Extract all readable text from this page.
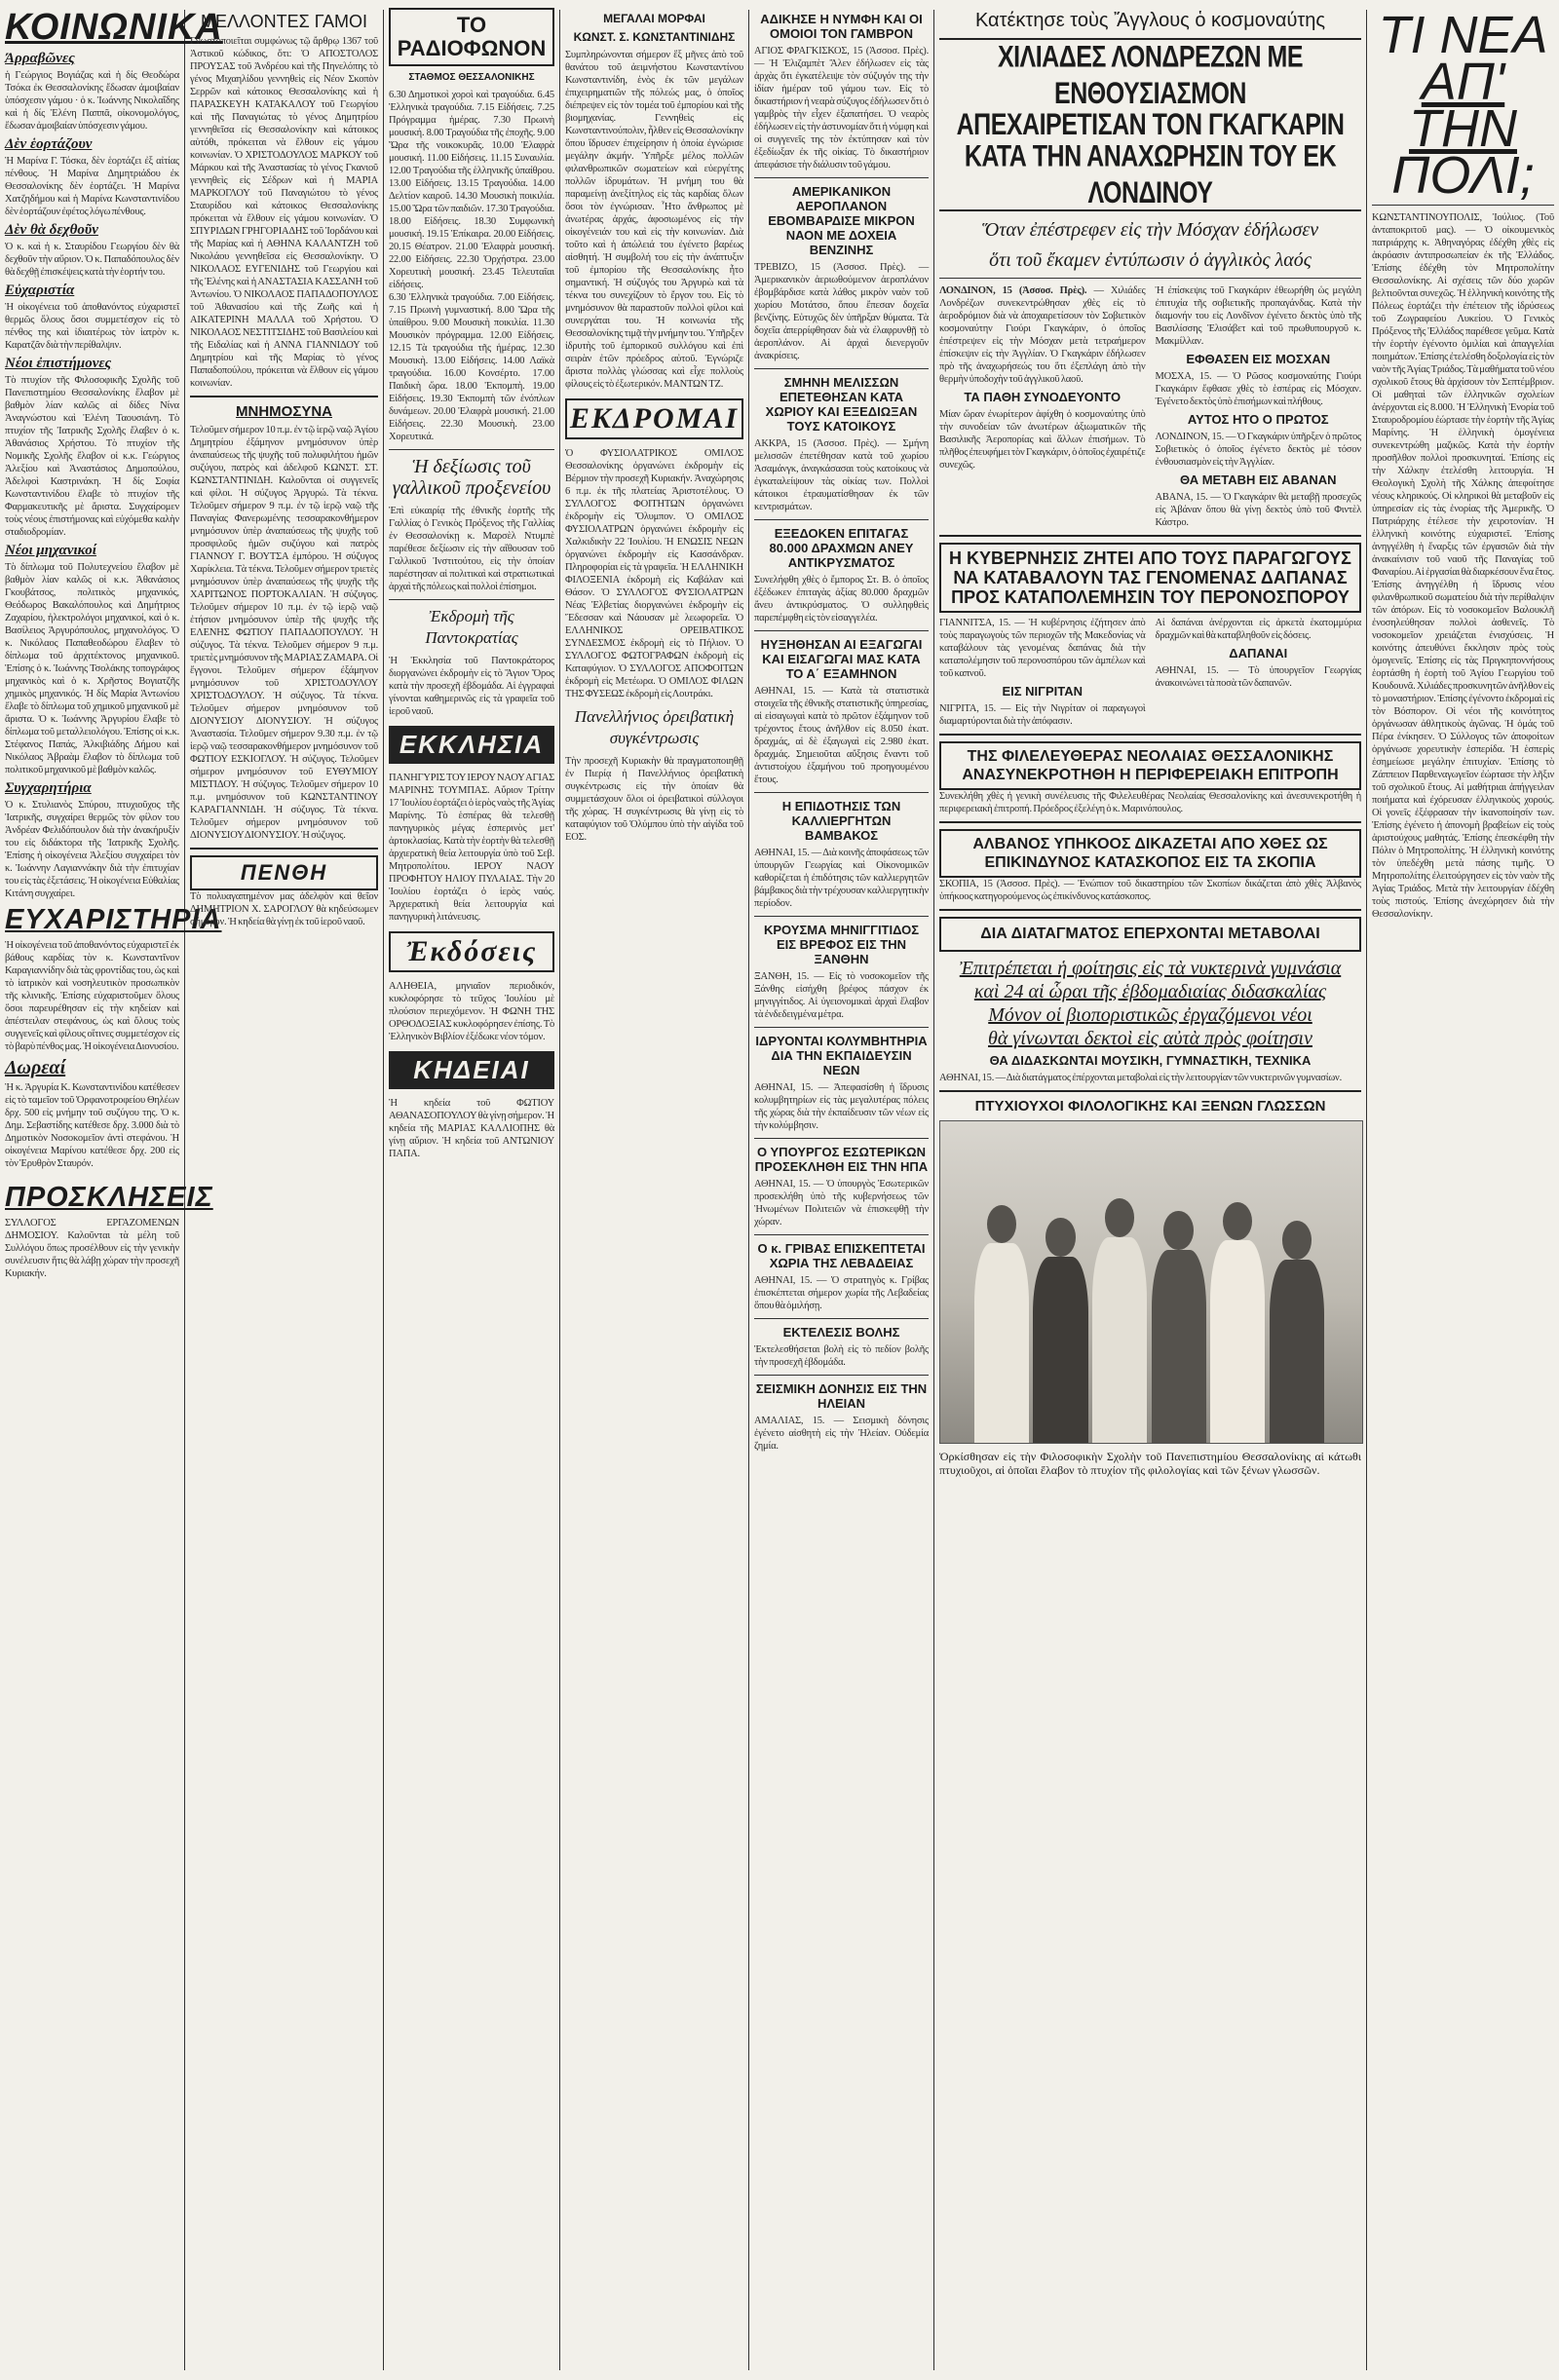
ΚΟΙΝΩΝΙΚΑ
Άρραβῶνες
ἡ Γεώργιος Βογιάζας καὶ ἡ δίς Θεοδώρα Τσόκα ἐκ Θεσσαλονίκης ἔδωσαν ἀμοιβαίαν ὑπόσχεσιν γάμου · ὁ κ. Ἰωάννης Νικολαΐδης καὶ ἡ δίς Ἑλένη Παππᾶ, οἰκονομολόγος, ἔδωσαν ἀμοιβαίαν ὑπόσχεσιν γάμου.
Δὲν ἑορτάζουν
Ἡ Μαρίνα Γ. Τόσκα, δὲν ἑορτάζει ἐξ αἰτίας πένθους. Ἡ Μαρίνα Δημητριάδου ἐκ Θεσσαλονίκης δὲν ἑορτάζει. Ἡ Μαρίνα Χατζηδήμου καὶ ἡ Μαρίνα Κωνσταντινίδου δὲν ἑορτάζουν ἐφέτος λόγω πένθους.
Δὲν θὰ δεχθοῦν
Ὁ κ. καὶ ἡ κ. Σταυρίδου Γεωργίου δὲν θὰ δεχθοῦν τὴν αὔριον. Ὁ κ. Παπαδόπουλος δὲν θὰ δεχθῇ ἐπισκέψεις κατὰ τὴν ἑορτήν του.
Εὐχαριστία
Ἡ οἰκογένεια τοῦ ἀποθανόντος εὐχαριστεῖ θερμῶς ὅλους ὅσοι συμμετέσχον εἰς τὸ πένθος της καὶ ἰδιαιτέρως τὸν ἰατρὸν κ. Καρατζᾶν διὰ τὴν περίθαλψιν.
Νέοι ἐπιστήμονες
Τὸ πτυχίον τῆς Φιλοσοφικῆς Σχολῆς τοῦ Πανεπιστημίου Θεσσαλονίκης ἔλαβον μὲ βαθμὸν λίαν καλῶς αἱ δίδες Νίνα Ἀναγνώστου καὶ Ἑλένη Ταουσιάνη. Τὸ πτυχίον τῆς Ἰατρικῆς Σχολῆς ἔλαβεν ὁ κ. Ἀθανάσιος Χρήστου. Τὸ πτυχίον τῆς Νομικῆς Σχολῆς ἔλαβον οἱ κ.κ. Γεώργιος Ἀλεξίου καὶ Ἀναστάσιος Δημοπούλου, Ἀδελφοὶ Καστρινάκη. Ἡ δίς Σοφία Κωνσταντινίδου ἔλαβε τὸ πτυχίον τῆς Φαρμακευτικῆς μὲ ἄριστα. Συγχαίρομεν τοὺς νέους ἐπιστήμονας καὶ εὐχόμεθα καλὴν σταδιοδρομίαν.
Νέοι μηχανικοί
Τὸ δίπλωμα τοῦ Πολυτεχνείου ἔλαβον μὲ βαθμὸν λίαν καλῶς οἱ κ.κ. Ἀθανάσιος Γκουβάτσος, πολιτικὸς μηχανικός, Θεόδωρος Βακαλόπουλος καὶ Δημήτριος Ζαχαρίου, ἠλεκτρολόγοι μηχανικοί, καὶ ὁ κ. Βασίλειος Ἀργυρόπουλος, μηχανολόγος. Ὁ κ. Νικόλαος Παπαθεοδώρου ἔλαβεν τὸ δίπλωμα τοῦ ἀρχιτέκτονος μηχανικοῦ. Ἐπίσης ὁ κ. Ἰωάννης Τσολάκης τοπογράφος μηχανικὸς καὶ ὁ κ. Χρῆστος Βογιατζῆς χημικὸς μηχανικός. Ἡ δίς Μαρία Ἀντωνίου ἔλαβε τὸ δίπλωμα τοῦ χημικοῦ μηχανικοῦ μὲ ἄριστα. Ὁ κ. Ἰωάννης Ἀργυρίου ἔλαβε τὸ δίπλωμα τοῦ μεταλλειολόγου. Ἐπίσης οἱ κ.κ. Στέφανος Παπάς, Ἀλκιβιάδης Δήμου καὶ Νικόλαος Ἀβραὰμ ἔλαβον τὸ δίπλωμα τοῦ πολιτικοῦ μηχανικοῦ μὲ βαθμὸν καλῶς.
Συγχαρητήρια
Ὁ κ. Στυλιανὸς Σπύρου, πτυχιοῦχος τῆς Ἰατρικῆς, συγχαίρει θερμῶς τὸν φίλον του Ἀνδρέαν Φελιδόπουλον διὰ τὴν ἀνακήρυξίν του εἰς διδάκτορα τῆς Ἰατρικῆς Σχολῆς. Ἐπίσης ἡ οἰκογένεια Ἀλεξίου συγχαίρει τὸν κ. Ἰωάννην Λαγιαννάκην διὰ τὴν ἐπιτυχίαν του εἰς τὰς ἐξετάσεις. Ἡ οἰκογένεια Εὐθαλίας Κιτάνη συγχαίρει.
ΕΥΧΑΡΙΣΤΗΡΙΑ
Ἡ οἰκογένεια τοῦ ἀποθανόντος εὐχαριστεῖ ἐκ βάθους καρδίας τὸν κ. Κωνσταντῖνον Καραγιαννίδην διὰ τὰς φροντίδας του, ὡς καὶ τὸ ἰατρικὸν καὶ νοσηλευτικὸν προσωπικὸν τῆς κλινικῆς. Ἐπίσης εὐχαριστοῦμεν ὅλους ὅσοι παρευρέθησαν εἰς τὴν κηδείαν καὶ ἀπέστειλαν στεφάνους, ὡς καὶ ὅλους τοὺς συγγενεῖς καὶ φίλους οἵτινες συμμετέσχον εἰς τὸ βαρὺ πένθος μας. Ἡ οἰκογένεια Διονυσίου.
Δωρεαί
Ἡ κ. Ἀργυρία Κ. Κωνσταντινίδου κατέθεσεν εἰς τὸ ταμεῖον τοῦ Ὀρφανοτροφείου Θηλέων δρχ. 500 εἰς μνήμην τοῦ συζύγου της. Ὁ κ. Δημ. Σεβαστίδης κατέθεσε δρχ. 3.000 διὰ τὸ Δημοτικὸν Νοσοκομεῖον ἀντὶ στεφάνου. Ἡ οἰκογένεια Μαρίνου κατέθεσε δρχ. 200 εἰς τὸν Ἐρυθρὸν Σταυρόν.
ΠΡΟΣΚΛΗΣΕΙΣ
ΣΥΛΛΟΓΟΣ ΕΡΓΑΖΟΜΕΝΩΝ ΔΗΜΟΣΙΟΥ. Καλοῦνται τὰ μέλη τοῦ Συλλόγου ὅπως προσέλθουν εἰς τὴν γενικὴν συνέλευσιν ἥτις θὰ λάβῃ χώραν τὴν προσεχῆ Κυριακήν.
ΜΕΛΛΟΝΤΕΣ ΓΑΜΟΙ
Γνωστοποιεῖται συμφώνως τῷ ἄρθρῳ 1367 τοῦ Ἀστικοῦ κώδικος, ὅτι: Ὁ ΑΠΟΣΤΟΛΟΣ ΠΡΟΥΣΑΣ τοῦ Ἀνδρέου καὶ τῆς Πηνελόπης τὸ γένος Μιχαηλίδου γεννηθεὶς εἰς Νέον Σκοπὸν Σερρῶν καὶ κάτοικος Θεσσαλονίκης καὶ ἡ ΠΑΡΑΣΚΕΥΗ ΚΑΤΑΚΑΛΟΥ τοῦ Γεωργίου καὶ τῆς Παναγιώτας τὸ γένος Δημητρίου γεννηθεῖσα εἰς Θεσσαλονίκην καὶ κάτοικος αὐτόθι, πρόκειται νὰ ἔλθουν εἰς γάμου κοινωνίαν. Ὁ ΧΡΙΣΤΟΔΟΥΛΟΣ ΜΑΡΚΟΥ τοῦ Μάρκου καὶ τῆς Ἀναστασίας τὸ γένος Γκανιοῦ γεννηθεὶς εἰς Σέδρων καὶ ἡ ΜΑΡΙΑ ΜΑΡΚΟΓΛΟΥ τοῦ Παναγιώτου τὸ γένος Σταυρίδου καὶ κάτοικος Θεσσαλονίκης πρόκειται νὰ ἔλθουν εἰς γάμου κοινωνίαν. Ὁ ΣΠΥΡΙΔΩΝ ΓΡΗΓΟΡΙΑΔΗΣ τοῦ Ἰορδάνου καὶ τῆς Μαρίας καὶ ἡ ΑΘΗΝΑ ΚΑΛΑΝΤΖΗ τοῦ Νικολάου γεννηθεῖσα εἰς Θεσσαλονίκην. Ὁ ΝΙΚΟΛΑΟΣ ΕΥΓΕΝΙΔΗΣ τοῦ Γεωργίου καὶ τῆς Ἑλένης καὶ ἡ ΑΝΑΣΤΑΣΙΑ ΚΑΣΣΑΝΗ τοῦ Ἀντωνίου. Ὁ ΝΙΚΟΛΑΟΣ ΠΑΠΑΔΟΠΟΥΛΟΣ τοῦ Ἀθανασίου καὶ τῆς Ζωῆς καὶ ἡ ΑΙΚΑΤΕΡΙΝΗ ΜΑΛΛΑ τοῦ Χρήστου. Ὁ ΝΙΚΟΛΑΟΣ ΝΕΣΤΙΤΣΙΔΗΣ τοῦ Βασιλείου καὶ τῆς Ειδαλίας καὶ ἡ ΑΝΝΑ ΓΙΑΝΝΙΔΟΥ τοῦ Δημητρίου καὶ τῆς Μαρίας τὸ γένος Παπαδοπούλου, πρόκειται νὰ ἔλθουν εἰς γάμου κοινωνίαν.
ΜΝΗΜΟΣΥΝΑ
Τελοῦμεν σήμερον 10 π.μ. ἐν τῷ ἱερῷ ναῷ Ἁγίου Δημητρίου ἐξάμηνον μνημόσυνον ὑπὲρ ἀναπαύσεως τῆς ψυχῆς τοῦ πολυφιλήτου ἡμῶν συζύγου, πατρὸς καὶ ἀδελφοῦ ΚΩΝΣΤ. ΣΤ. ΚΩΝΣΤΑΝΤΙΝΙΔΗ. Καλοῦνται οἱ συγγενεῖς καὶ φίλοι. Ἡ σύζυγος Ἀργυρώ. Τὰ τέκνα. Τελοῦμεν σήμερον 9 π.μ. ἐν τῷ ἱερῷ ναῷ τῆς Παναγίας Φανερωμένης τεσσαρακονθήμερον μνημόσυνον ὑπὲρ ἀναπαύσεως τῆς ψυχῆς τοῦ προσφιλοῦς ἡμῶν συζύγου καὶ πατρὸς ΓΙΑΝΝΟΥ Γ. ΒΟΥΤΣΑ ἐμπόρου. Ἡ σύζυγος Χαρίκλεια. Τὰ τέκνα. Τελοῦμεν σήμερον τριετὲς μνημόσυνον ὑπὲρ ἀναπαύσεως τῆς ψυχῆς τῆς ΧΑΡΙΤΩΝΟΣ ΠΟΡΤΟΚΑΛΙΑΝ. Ἡ σύζυγος. Τελοῦμεν σήμερον 10 π.μ. ἐν τῷ ἱερῷ ναῷ ἐτήσιον μνημόσυνον ὑπὲρ τῆς ψυχῆς τῆς ΕΛΕΝΗΣ ΦΩΤΙΟΥ ΠΑΠΑΔΟΠΟΥΛΟΥ. Ἡ σύζυγος. Τὰ τέκνα. Τελοῦμεν σήμερον 9 π.μ. τριετὲς μνημόσυνον τῆς ΜΑΡΙΑΣ ΖΑΜΑΡΑ. Οἱ ἔγγονοι. Τελοῦμεν σήμερον ἐξάμηνον μνημόσυνον τοῦ ΧΡΙΣΤΟΔΟΥΛΟΥ ΧΡΙΣΤΟΔΟΥΛΟΥ. Ἡ σύζυγος. Τὰ τέκνα. Τελοῦμεν σήμερον μνημόσυνον τοῦ ΔΙΟΝΥΣΙΟΥ ΔΙΟΝΥΣΙΟΥ. Ἡ σύζυγος Ἀναστασία. Τελοῦμεν σήμερον 9.30 π.μ. ἐν τῷ ἱερῷ ναῷ τεσσαρακονθήμερον μνημόσυνον τοῦ ΦΩΤΙΟΥ ΕΣΚΙΟΓΛΟΥ. Ἡ σύζυγος. Τελοῦμεν σήμερον μνημόσυνον τοῦ ΕΥΘΥΜΙΟΥ ΜΙΣΤΙΔΟΥ. Ἡ σύζυγος. Τελοῦμεν σήμερον 10 π.μ. μνημόσυνον τοῦ ΚΩΝΣΤΑΝΤΙΝΟΥ ΚΑΡΑΓΙΑΝΝΙΔΗ. Ἡ σύζυγος. Τὰ τέκνα. Τελοῦμεν σήμερον μνημόσυνον τοῦ ΔΙΟΝΥΣΙΟΥ ΔΙΟΝΥΣΙΟΥ. Ἡ σύζυγος.
ΠΕΝΘΗ
Τὸ πολυαγαπημένον μας ἀδελφὸν καὶ θεῖον ΔΗΜΗΤΡΙΟΝ Χ. ΣΑΡΟΓΛΟΥ θὰ κηδεύσωμεν σήμερον. Ἡ κηδεία θὰ γίνῃ ἐκ τοῦ ἱεροῦ ναοῦ.
ΤΟ ΡΑΔΙΟΦΩΝΟΝ
ΣΤΑΘΜΟΣ ΘΕΣΣΑΛΟΝΙΚΗΣ
6.30 Δημοτικοὶ χοροὶ καὶ τραγούδια. 6.45 Ἑλληνικὰ τραγούδια. 7.15 Εἰδήσεις. 7.25 Πρόγραμμα ἡμέρας. 7.30 Πρωινὴ μουσική. 8.00 Τραγούδια τῆς ἐποχῆς. 9.00 Ὥρα τῆς νοικοκυρᾶς. 10.00 Ἐλαφρὰ μουσική. 11.00 Εἰδήσεις. 11.15 Συναυλία. 12.00 Τραγούδια τῆς ἑλληνικῆς ὑπαίθρου. 13.00 Εἰδήσεις. 13.15 Τραγούδια. 14.00 Δελτίον καιροῦ. 14.30 Μουσικὴ ποικιλία. 15.00 Ὥρα τῶν παιδιῶν. 17.30 Τραγούδια. 18.00 Εἰδήσεις. 18.30 Συμφωνικὴ μουσική. 19.15 Ἐπίκαιρα. 20.00 Εἰδήσεις. 20.15 Θέατρον. 21.00 Ἐλαφρὰ μουσική. 22.00 Εἰδήσεις. 22.30 Ὀρχήστρα. 23.00 Χορευτικὴ μουσική. 23.45 Τελευταῖαι εἰδήσεις.
6.30 Ἑλληνικὰ τραγούδια. 7.00 Εἰδήσεις. 7.15 Πρωινὴ γυμναστική. 8.00 Ὥρα τῆς ὑπαίθρου. 9.00 Μουσικὴ ποικιλία. 11.30 Μουσικὸν πρόγραμμα. 12.00 Εἰδήσεις. 12.15 Τὰ τραγούδια τῆς ἡμέρας. 12.30 Μουσικὴ. 13.00 Εἰδήσεις. 14.00 Λαϊκὰ τραγούδια. 16.00 Κονσέρτο. 17.00 Παιδικὴ ὥρα. 18.00 Ἐκπομπὴ. 19.00 Εἰδήσεις. 19.30 Ἐκπομπὴ τῶν ἐνόπλων δυνάμεων. 20.00 Ἐλαφρὰ μουσική. 21.00 Εἰδήσεις. 22.30 Μουσικὴ. 23.00 Χορευτικά.
Ἡ δεξίωσις τοῦ γαλλικοῦ προξενείου
Ἐπὶ εὐκαιρίᾳ τῆς ἐθνικῆς ἑορτῆς τῆς Γαλλίας ὁ Γενικὸς Πρόξενος τῆς Γαλλίας ἐν Θεσσαλονίκῃ κ. Μαρσὲλ Ντυμπὲ παρέθεσε δεξίωσιν εἰς τὴν αἴθουσαν τοῦ Γαλλικοῦ Ἰνστιτούτου, εἰς τὴν ὁποίαν παρέστησαν αἱ πολιτικαὶ καὶ στρατιωτικαὶ ἀρχαὶ τῆς πόλεως καὶ πολλοὶ ἐπίσημοι.
Ἐκδρομὴ τῆς Παντοκρατίας
Ἡ Ἐκκλησία τοῦ Παντοκράτορος διοργανώνει ἐκδρομὴν εἰς τὸ Ἅγιον Ὄρος κατὰ τὴν προσεχῆ ἑβδομάδα. Αἱ ἐγγραφαὶ γίνονται καθημερινῶς εἰς τὰ γραφεῖα τοῦ ἱεροῦ ναοῦ.
ΕΚΚΛΗΣΙΑ
ΠΑΝΗΓΥΡΙΣ ΤΟΥ ΙΕΡΟΥ ΝΑΟΥ ΑΓΙΑΣ ΜΑΡΙΝΗΣ ΤΟΥΜΠΑΣ. Αὔριον Τρίτην 17 Ἰουλίου ἑορτάζει ὁ ἱερὸς ναὸς τῆς Ἁγίας Μαρίνης. Τὸ ἑσπέρας θὰ τελεσθῇ πανηγυρικὸς μέγας ἑσπερινὸς μετ' ἀρτοκλασίας. Κατὰ τὴν ἑορτὴν θὰ τελεσθῇ ἀρχιερατικὴ θεία λειτουργία ὑπὸ τοῦ Σεβ. Μητροπολίτου. ΙΕΡΟΥ ΝΑΟΥ ΠΡΟΦΗΤΟΥ ΗΛΙΟΥ ΠΥΛΑΙΑΣ. Τὴν 20 Ἰουλίου ἑορτάζει ὁ ἱερὸς ναός. Ἀρχιερατικὴ θεία λειτουργία καὶ πανηγυρικὴ λιτάνευσις.
Ἐκδόσεις
ΑΛΗΘΕΙΑ, μηνιαῖον περιοδικόν, κυκλοφόρησε τὸ τεῦχος Ἰουλίου μὲ πλούσιον περιεχόμενον. Ἡ ΦΩΝΗ ΤΗΣ ΟΡΘΟΔΟΞΙΑΣ κυκλοφόρησεν ἐπίσης. Τὸ Ἑλληνικὸν Βιβλίον ἐξέδωκε νέον τόμον.
ΚΗΔΕΙΑΙ
Ἡ κηδεία τοῦ ΦΩΤΙΟΥ ΑΘΑΝΑΣΟΠΟΥΛΟΥ θὰ γίνῃ σήμερον. Ἡ κηδεία τῆς ΜΑΡΙΑΣ ΚΑΛΛΙΟΠΗΣ θὰ γίνῃ αὔριον. Ἡ κηδεία τοῦ ΑΝΤΩΝΙΟΥ ΠΑΠΑ.
ΜΕΓΑΛΑΙ ΜΟΡΦΑΙ
ΚΩΝΣΤ. Σ. ΚΩΝΣΤΑΝΤΙΝΙΔΗΣ
Συμπληρώνονται σήμερον ἕξ μῆνες ἀπὸ τοῦ θανάτου τοῦ ἀειμνήστου Κωνσταντίνου Κωνσταντινίδη, ἑνὸς ἐκ τῶν μεγάλων ἐπιχειρηματιῶν τῆς πόλεώς μας, ὁ ὁποῖος διέπρεψεν εἰς τὸν τομέα τοῦ ἐμπορίου καὶ τῆς βιομηχανίας. Γεννηθεὶς εἰς Κωνσταντινούπολιν, ἦλθεν εἰς Θεσσαλονίκην ὅπου ἵδρυσεν ἐπιχείρησιν ἡ ὁποία ἐγνώρισε μεγάλην ἀκμήν. Ὑπῆρξε μέλος πολλῶν φιλανθρωπικῶν σωματείων καὶ εὐεργέτης πολλῶν ἱδρυμάτων. Ἡ μνήμη του θὰ παραμείνῃ ἀνεξίτηλος εἰς τὰς καρδίας ὅλων ὅσοι τὸν ἐγνώρισαν. Ἦτο ἄνθρωπος μὲ ἀνωτέρας ἀρχάς, ἀφοσιωμένος εἰς τὴν οἰκογένειάν του καὶ εἰς τὴν κοινωνίαν. Διὰ τοῦτο καὶ ἡ ἀπώλειά του ἐγένετο βαρέως αἰσθητή. Ἡ συμβολή του εἰς τὴν ἀνάπτυξιν τοῦ ἐμπορίου τῆς Θεσσαλονίκης ἦτο σημαντική. Ἡ σύζυγός του Ἀργυρὼ καὶ τὰ τέκνα του συνεχίζουν τὸ ἔργον του. Εἰς τὸ μνημόσυνον θὰ παραστοῦν πολλοὶ φίλοι καὶ συνεργάται του. Ἡ κοινωνία τῆς Θεσσαλονίκης τιμᾷ τὴν μνήμην του. Ὑπῆρξεν ἰδρυτὴς τοῦ ἐμπορικοῦ συλλόγου καὶ ἐπὶ σειρὰν ἐτῶν πρόεδρος αὐτοῦ. Ἐγνώριζε ἄριστα πολλὰς γλώσσας καὶ εἶχε πολλοὺς φίλους εἰς τὸ ἐξωτερικόν. ΜΑΝΤΩΝ ΤΖ.
ΕΚΔΡΟΜΑΙ
Ὁ ΦΥΣΙΟΛΑΤΡΙΚΟΣ ΟΜΙΛΟΣ Θεσσαλονίκης ὀργανώνει ἐκδρομὴν εἰς Βέρμιον τὴν προσεχῆ Κυριακήν. Ἀναχώρησις 6 π.μ. ἐκ τῆς πλατείας Ἀριστοτέλους. Ὁ ΣΥΛΛΟΓΟΣ ΦΟΙΤΗΤΩΝ ὀργανώνει ἐκδρομὴν εἰς Ὄλυμπον. Ὁ ΟΜΙΛΟΣ ΦΥΣΙΟΛΑΤΡΩΝ ὀργανώνει ἐκδρομὴν εἰς Χαλκιδικὴν 22 Ἰουλίου. Ἡ ΕΝΩΣΙΣ ΝΕΩΝ ὀργανώνει ἐκδρομὴν εἰς Κασσάνδραν. Πληροφορίαι εἰς τὰ γραφεῖα. Ἡ ΕΛΛΗΝΙΚΗ ΦΙΛΟΞΕΝΙΑ ἐκδρομὴ εἰς Καβάλαν καὶ Θάσον. Ὁ ΣΥΛΛΟΓΟΣ ΦΥΣΙΟΛΑΤΡΩΝ Νέας Ἐλβετίας διοργανώνει ἐκδρομὴν εἰς Ἔδεσσαν καὶ Νάουσαν μὲ λεωφορεῖα. Ὁ ΕΛΛΗΝΙΚΟΣ ΟΡΕΙΒΑΤΙΚΟΣ ΣΥΝΔΕΣΜΟΣ ἐκδρομὴ εἰς τὸ Πήλιον. Ὁ ΣΥΛΛΟΓΟΣ ΦΩΤΟΓΡΑΦΩΝ ἐκδρομὴ εἰς Καταφύγιον. Ὁ ΣΥΛΛΟΓΟΣ ΑΠΟΦΟΙΤΩΝ ἐκδρομὴ εἰς Μετέωρα. Ὁ ΟΜΙΛΟΣ ΦΙΛΩΝ ΤΗΣ ΦΥΣΕΩΣ ἐκδρομὴ εἰς Λουτράκι.
Πανελλήνιος ὀρειβατικὴ συγκέντρωσις
Τὴν προσεχῆ Κυριακὴν θὰ πραγματοποιηθῇ ἐν Πιερίᾳ ἡ Πανελλήνιος ὀρειβατικὴ συγκέντρωσις εἰς τὴν ὁποίαν θὰ συμμετάσχουν ὅλοι οἱ ὀρειβατικοὶ σύλλογοι τῆς χώρας. Ἡ συγκέντρωσις θὰ γίνῃ εἰς τὸ καταφύγιον τοῦ Ὀλύμπου ὑπὸ τὴν αἰγίδα τοῦ ΕΟΣ.
ΑΔΙΚΗΣΕ Η ΝΥΜΦΗ ΚΑΙ ΟΙ ΟΜΟΙΟΙ ΤΟΝ ΓΑΜΒΡΟΝ
ΑΓΙΟΣ ΦΡΑΓΚΙΣΚΟΣ, 15 (Ἀσσοσ. Πρὲς). — Ἡ Ἐλιζαμπὲτ Ἄλεν ἐδήλωσεν εἰς τὰς ἀρχὰς ὅτι ἐγκατέλειψε τὸν σύζυγόν της τὴν ἰδίαν ἡμέραν τοῦ γάμου των. Εἰς τὸ δικαστήριον ἡ νεαρὰ σύζυγος ἐδήλωσεν ὅτι ὁ γαμβρὸς τὴν εἶχεν ἐξαπατήσει. Ὁ νεαρὸς ἐδήλωσεν εἰς τὴν ἀστυνομίαν ὅτι ἡ νύμφη καὶ οἱ συγγενεῖς της τὸν ἐκτύπησαν καὶ τὸν ἐξεδίωξαν ἐκ τῆς οἰκίας. Τὸ δικαστήριον ἀπεφάσισε τὴν διάλυσιν τοῦ γάμου.
ΑΜΕΡΙΚΑΝΙΚΟΝ ΑΕΡΟΠΛΑΝΟΝ ΕΒΟΜΒΑΡΔΙΣΕ ΜΙΚΡΟΝ ΝΑΟΝ ΜΕ ΔΟΧΕΙΑ ΒΕΝΖΙΝΗΣ
ΤΡΕΒΙΖΟ, 15 (Ἀσσοσ. Πρὲς). — Ἀμερικανικὸν ἀεριωθούμενον ἀεροπλάνον ἐβομβάρδισε κατὰ λάθος μικρὸν ναὸν τοῦ χωρίου Μοτάτσο, ὅπου ἔπεσαν δοχεῖα βενζίνης. Εὐτυχῶς δὲν ὑπῆρξαν θύματα. Τὰ δοχεῖα ἀπερρίφθησαν διὰ νὰ ἐλαφρυνθῇ τὸ ἀεροπλάνον. Αἱ ἀρχαὶ διενεργοῦν ἀνακρίσεις.
ΣΜΗΝΗ ΜΕΛΙΣΣΩΝ ΕΠΕΤΕΘΗΣΑΝ ΚΑΤΑ ΧΩΡΙΟΥ ΚΑΙ ΕΞΕΔΙΩΞΑΝ ΤΟΥΣ ΚΑΤΟΙΚΟΥΣ
ΑΚΚΡΑ, 15 (Ἀσσοσ. Πρὲς). — Σμήνη μελισσῶν ἐπετέθησαν κατὰ τοῦ χωρίου Ἀσαμάνγκ, ἀναγκάσασαι τοὺς κατοίκους νὰ ἐγκαταλείψουν τὰς οἰκίας των. Πολλοὶ κάτοικοι ἐτραυματίσθησαν ἐκ τῶν κεντρισμάτων.
ΕΞΕΔΟΚΕΝ ΕΠΙΤΑΓΑΣ 80.000 ΔΡΑΧΜΩΝ ΑΝΕΥ ΑΝΤΙΚΡΥΣΜΑΤΟΣ
Συνελήφθη χθὲς ὁ ἔμπορος Στ. Β. ὁ ὁποῖος ἐξέδωκεν ἐπιταγὰς ἀξίας 80.000 δραχμῶν ἄνευ ἀντικρύσματος. Ὁ συλληφθεὶς παρεπέμφθη εἰς τὸν εἰσαγγελέα.
ΗΥΞΗΘΗΣΑΝ ΑΙ ΕΞΑΓΩΓΑΙ ΚΑΙ ΕΙΣΑΓΩΓΑΙ ΜΑΣ ΚΑΤΑ ΤΟ Α΄ ΕΞΑΜΗΝΟΝ
ΑΘΗΝΑΙ, 15. — Κατὰ τὰ στατιστικὰ στοιχεῖα τῆς ἐθνικῆς στατιστικῆς ὑπηρεσίας, αἱ εἰσαγωγαὶ κατὰ τὸ πρῶτον ἑξάμηνον τοῦ τρέχοντος ἔτους ἀνῆλθον εἰς 8.050 ἑκατ. δραχμάς, αἱ δὲ ἐξαγωγαὶ εἰς 2.980 ἑκατ. δραχμάς. Σημειοῦται αὔξησις ἔναντι τοῦ ἀντιστοίχου ἑξαμήνου τοῦ προηγουμένου ἔτους.
Η ΕΠΙΔΟΤΗΣΙΣ ΤΩΝ ΚΑΛΛΙΕΡΓΗΤΩΝ ΒΑΜΒΑΚΟΣ
ΑΘΗΝΑΙ, 15. — Διὰ κοινῆς ἀποφάσεως τῶν ὑπουργῶν Γεωργίας καὶ Οἰκονομικῶν καθορίζεται ἡ ἐπιδότησις τῶν καλλιεργητῶν βάμβακος διὰ τὴν τρέχουσαν καλλιεργητικὴν περίοδον.
ΚΡΟΥΣΜΑ ΜΗΝΙΓΓΙΤΙΔΟΣ ΕΙΣ ΒΡΕΦΟΣ ΕΙΣ ΤΗΝ ΞΑΝΘΗΝ
ΞΑΝΘΗ, 15. — Εἰς τὸ νοσοκομεῖον τῆς Ξάνθης εἰσήχθη βρέφος πάσχον ἐκ μηνιγγίτιδος. Αἱ ὑγειονομικαὶ ἀρχαὶ ἔλαβον τὰ ἐνδεδειγμένα μέτρα.
ΙΔΡΥΟΝΤΑΙ ΚΟΛΥΜΒΗΤΗΡΙΑ ΔΙΑ ΤΗΝ ΕΚΠΑΙΔΕΥΣΙΝ ΝΕΩΝ
ΑΘΗΝΑΙ, 15. — Ἀπεφασίσθη ἡ ἵδρυσις κολυμβητηρίων εἰς τὰς μεγαλυτέρας πόλεις τῆς χώρας διὰ τὴν ἐκπαίδευσιν τῶν νέων εἰς τὴν κολύμβησιν.
Ο ΥΠΟΥΡΓΟΣ ΕΣΩΤΕΡΙΚΩΝ ΠΡΟΣΕΚΛΗΘΗ ΕΙΣ ΤΗΝ ΗΠΑ
ΑΘΗΝΑΙ, 15. — Ὁ ὑπουργὸς Ἐσωτερικῶν προσεκλήθη ὑπὸ τῆς κυβερνήσεως τῶν Ἡνωμένων Πολιτειῶν νὰ ἐπισκεφθῇ τὴν χώραν.
Ο κ. ΓΡΙΒΑΣ ΕΠΙΣΚΕΠΤΕΤΑΙ ΧΩΡΙΑ ΤΗΣ ΛΕΒΑΔΕΙΑΣ
ΑΘΗΝΑΙ, 15. — Ὁ στρατηγὸς κ. Γρίβας ἐπισκέπτεται σήμερον χωρία τῆς Λεβαδείας ὅπου θὰ ὁμιλήσῃ.
ΕΚΤΕΛΕΣΙΣ ΒΟΛΗΣ
Ἐκτελεσθήσεται βολὴ εἰς τὸ πεδίον βολῆς τὴν προσεχῆ ἑβδομάδα.
ΣΕΙΣΜΙΚΗ ΔΟΝΗΣΙΣ ΕΙΣ ΤΗΝ ΗΛΕΙΑΝ
ΑΜΑΛΙΑΣ, 15. — Σεισμικὴ δόνησις ἐγένετο αἰσθητὴ εἰς τὴν Ἠλείαν. Οὐδεμία ζημία.
Κατέκτησε τοὺς Ἄγγλους ὁ κοσμοναύτης
ΧΙΛΙΑΔΕΣ ΛΟΝΔΡΕΖΩΝ ΜΕ ΕΝΘΟΥΣΙΑΣΜΟΝ
ΑΠΕΧΑΙΡΕΤΙΣΑΝ ΤΟΝ ΓΚΑΓΚΑΡΙΝ
ΚΑΤΑ ΤΗΝ ΑΝΑΧΩΡΗΣΙΝ ΤΟΥ ΕΚ ΛΟΝΔΙΝΟΥ
Ὅταν ἐπέστρεφεν εἰς τὴν Μόσχαν ἐδήλωσεν
ὅτι τοῦ ἔκαμεν ἐντύπωσιν ὁ ἀγγλικὸς λαός
ΛΟΝΔΙΝΟΝ, 15 (Ἀσσοσ. Πρὲς). — Χιλιάδες Λονδρέζων συνεκεντρώθησαν χθὲς εἰς τὸ ἀεροδρόμιον διὰ νὰ ἀποχαιρετίσουν τὸν Σοβιετικὸν κοσμοναύτην Γιούρι Γκαγκάριν, ὁ ὁποῖος ἐπέστρεψεν εἰς τὴν Μόσχαν μετὰ τετραήμερον ἐπίσκεψιν εἰς τὴν Ἀγγλίαν. Ὁ Γκαγκάριν ἐδήλωσεν πρὸ τῆς ἀναχωρήσεώς του ὅτι ἐξεπλάγη ἀπὸ τὴν θερμὴν ὑποδοχὴν τοῦ ἀγγλικοῦ λαοῦ.
ΤΑ ΠΑΘΗ ΣΥΝΟΔΕΥΟΝΤΟ
Μίαν ὥραν ἐνωρίτερον ἀφίχθη ὁ κοσμοναύτης ὑπὸ τὴν συνοδείαν τῶν ἀνωτέρων ἀξιωματικῶν τῆς Βασιλικῆς Ἀεροπορίας καὶ ἄλλων ἐπισήμων. Τὸ πλῆθος ἐπευφήμει τὸν Γκαγκάριν, ὁ ὁποῖος ἐχαιρέτιζε συνεχῶς.
Ἡ ἐπίσκεψις τοῦ Γκαγκάριν ἐθεωρήθη ὡς μεγάλη ἐπιτυχία τῆς σοβιετικῆς προπαγάνδας. Κατὰ τὴν διαμονήν του εἰς Λονδῖνον ἐγένετο δεκτὸς ὑπὸ τῆς Βασιλίσσης Ἐλισάβετ καὶ τοῦ πρωθυπουργοῦ κ. Μακμίλλαν.
ΕΦΘΑΣΕΝ ΕΙΣ ΜΟΣΧΑΝ
ΜΟΣΧΑ, 15. — Ὁ Ρῶσος κοσμοναύτης Γιούρι Γκαγκάριν ἔφθασε χθὲς τὸ ἑσπέρας εἰς Μόσχαν. Ἐγένετο δεκτὸς ὑπὸ ἐπισήμων καὶ πλήθους.
ΑΥΤΟΣ ΗΤΟ Ο ΠΡΩΤΟΣ
ΛΟΝΔΙΝΟΝ, 15. — Ὁ Γκαγκάριν ὑπῆρξεν ὁ πρῶτος Σοβιετικὸς ὁ ὁποῖος ἐγένετο δεκτὸς μὲ τόσον ἐνθουσιασμὸν εἰς τὴν Ἀγγλίαν.
ΘΑ ΜΕΤΑΒΗ ΕΙΣ ΑΒΑΝΑΝ
ΑΒΑΝΑ, 15. — Ὁ Γκαγκάριν θὰ μεταβῇ προσεχῶς εἰς Ἀβάναν ὅπου θὰ γίνῃ δεκτὸς ὑπὸ τοῦ Φιντὲλ Κάστρο.
Η ΚΥΒΕΡΝΗΣΙΣ ΖΗΤΕΙ ΑΠΟ ΤΟΥΣ ΠΑΡΑΓΩΓΟΥΣ ΝΑ ΚΑΤΑΒΑΛΟΥΝ ΤΑΣ ΓΕΝΟΜΕΝΑΣ ΔΑΠΑΝΑΣ ΠΡΟΣ ΚΑΤΑΠΟΛΕΜΗΣΙΝ ΤΟΥ ΠΕΡΟΝΟΣΠΟΡΟΥ
ΓΙΑΝΝΙΤΣΑ, 15. — Ἡ κυβέρνησις ἐζήτησεν ἀπὸ τοὺς παραγωγοὺς τῶν περιοχῶν τῆς Μακεδονίας νὰ καταβάλουν τὰς γενομένας δαπάνας διὰ τὴν καταπολέμησιν τοῦ περονοσπόρου τῶν ἀμπέλων καὶ τοῦ καπνοῦ.
ΕΙΣ ΝΙΓΡΙΤΑΝ
ΝΙΓΡΙΤΑ, 15. — Εἰς τὴν Νιγρίταν οἱ παραγωγοὶ διαμαρτύρονται διὰ τὴν ἀπόφασιν.
Αἱ δαπάναι ἀνέρχονται εἰς ἀρκετὰ ἑκατομμύρια δραχμῶν καὶ θὰ καταβληθοῦν εἰς δόσεις.
ΔΑΠΑΝΑΙ
ΑΘΗΝΑΙ, 15. — Τὸ ὑπουργεῖον Γεωργίας ἀνακοινώνει τὰ ποσὰ τῶν δαπανῶν.
ΤΗΣ ΦΙΛΕΛΕΥΘΕΡΑΣ ΝΕΟΛΑΙΑΣ ΘΕΣΣΑΛΟΝΙΚΗΣ ΑΝΑΣΥΝΕΚΡΟΤΗΘΗ Η ΠΕΡΙΦΕΡΕΙΑΚΗ ΕΠΙΤΡΟΠΗ
Συνεκλήθη χθὲς ἡ γενικὴ συνέλευσις τῆς Φιλελευθέρας Νεολαίας Θεσσαλονίκης καὶ ἀνεσυνεκροτήθη ἡ περιφερειακὴ ἐπιτροπή. Πρόεδρος ἐξελέγη ὁ κ. Μαρινόπουλος.
ΑΛΒΑΝΟΣ ΥΠΗΚΟΟΣ ΔΙΚΑΖΕΤΑΙ ΑΠΟ ΧΘΕΣ ΩΣ ΕΠΙΚΙΝΔΥΝΟΣ ΚΑΤΑΣΚΟΠΟΣ ΕΙΣ ΤΑ ΣΚΟΠΙΑ
ΣΚΟΠΙΑ, 15 (Ἀσσοσ. Πρὲς). — Ἐνώπιον τοῦ δικαστηρίου τῶν Σκοπίων δικάζεται ἀπὸ χθὲς Ἀλβανὸς ὑπήκοος κατηγορούμενος ὡς ἐπικίνδυνος κατάσκοπος.
ΔΙΑ ΔΙΑΤΑΓΜΑΤΟΣ ΕΠΕΡΧΟΝΤΑΙ ΜΕΤΑΒΟΛΑΙ
Ἐπιτρέπεται ἡ φοίτησις εἰς τὰ νυκτερινὰ γυμνάσια
καὶ 24 αἱ ὧραι τῆς ἑβδομαδιαίας διδασκαλίας
Μόνον οἱ βιοποριστικῶς ἐργαζόμενοι νέοι
θὰ γίνωνται δεκτοὶ εἰς αὐτὰ πρὸς φοίτησιν
ΘΑ ΔΙΔΑΣΚΩΝΤΑΙ ΜΟΥΣΙΚΗ, ΓΥΜΝΑΣΤΙΚΗ, ΤΕΧΝΙΚΑ
ΑΘΗΝΑΙ, 15. — Διὰ διατάγματος ἐπέρχονται μεταβολαὶ εἰς τὴν λειτουργίαν τῶν νυκτερινῶν γυμνασίων.
ΠΤΥΧΙΟΥΧΟΙ ΦΙΛΟΛΟΓΙΚΗΣ ΚΑΙ ΞΕΝΩΝ ΓΛΩΣΣΩΝ
Ὁρκίσθησαν εἰς τὴν Φιλοσοφικὴν Σχολὴν τοῦ Πανεπιστημίου Θεσσαλονίκης αἱ κάτωθι πτυχιοῦχοι, αἱ ὁποῖαι ἔλαβον τὸ πτυχίον τῆς φιλολογίας καὶ τῶν ξένων γλωσσῶν.
ΤΙ ΝΕΑ
ΑΠ' ΤΗΝ
ΠΟΛΙ;
ΚΩΝΣΤΑΝΤΙΝΟΥΠΟΛΙΣ, Ἰούλιος. (Τοῦ ἀνταποκριτοῦ μας). — Ὁ οἰκουμενικὸς πατριάρχης κ. Ἀθηναγόρας ἐδέχθη χθὲς εἰς ἀκρόασιν ἀντιπροσωπείαν ἐκ τῆς Ἑλλάδος. Ἐπίσης ἐδέχθη τὸν Μητροπολίτην Θεσσαλονίκης. Αἱ σχέσεις τῶν δύο χωρῶν βελτιοῦνται συνεχῶς. Ἡ ἑλληνικὴ κοινότης τῆς Πόλεως ἑορτάζει τὴν ἐπέτειον τῆς ἱδρύσεως τοῦ Ζωγραφείου Λυκείου. Ὁ Γενικὸς Πρόξενος τῆς Ἑλλάδος παρέθεσε γεῦμα. Κατὰ τὴν ἑορτὴν ἐγένοντο ὁμιλίαι καὶ ἀπαγγελίαι ποιημάτων. Ἐπίσης ἐτελέσθη δοξολογία εἰς τὸν ναὸν τῆς Ἁγίας Τριάδος. Τὰ μαθήματα τοῦ νέου σχολικοῦ ἔτους θὰ ἀρχίσουν τὸν Σεπτέμβριον. Οἱ μαθηταὶ τῶν ἑλληνικῶν σχολείων ἀνέρχονται εἰς 8.000. Ἡ Ἑλληνικὴ Ἐνορία τοῦ Σταυροδρομίου ἐώρτασε τὴν ἑορτὴν τῆς Ἁγίας Μαρίνης. Ἡ ἑλληνικὴ ὁμογένεια συνεκεντρώθη μαζικῶς. Κατὰ τὴν ἑορτὴν προσῆλθον πολλοὶ προσκυνηταί. Ἐπίσης εἰς τὴν Χάλκην ἐτελέσθη λειτουργία. Ἡ Θεολογικὴ Σχολὴ τῆς Χάλκης ἀπεφοίτησε νέους κληρικούς. Οἱ κληρικοὶ θὰ μεταβοῦν εἰς ὑπηρεσίαν εἰς τὰς ἐνορίας τῆς Ἀμερικῆς. Ὁ Πατριάρχης ἐτέλεσε τὴν χειροτονίαν. Ἡ ἑλληνικὴ κοινότης εὐχαριστεῖ. Ἐπίσης ἀνηγγέλθη ἡ ἔναρξις τῶν ἐργασιῶν διὰ τὴν ἀνακαίνισιν τοῦ ναοῦ τῆς Παναγίας τοῦ Φαναρίου. Αἱ ἐργασίαι θὰ διαρκέσουν ἕνα ἔτος. Ἐπίσης ἀνηγγέλθη ἡ ἵδρυσις νέου φιλανθρωπικοῦ σωματείου διὰ τὴν περίθαλψιν τῶν ἀπόρων. Εἰς τὸ νοσοκομεῖον Βαλουκλῆ ἐνοσηλεύθησαν πολλοὶ ἀσθενεῖς. Τὸ νοσοκομεῖον χρειάζεται ἐνισχύσεις. Ἡ κοινότης ἀπευθύνει ἔκκλησιν πρὸς τοὺς ὁμογενεῖς. Ἐπίσης εἰς τὰς Πριγκηποννήσους ἑορτάσθη ἡ ἑορτὴ τοῦ Ἁγίου Γεωργίου τοῦ Κουδουνᾶ. Χιλιάδες προσκυνητῶν ἀνῆλθον εἰς τὸ μοναστήριον. Ἐπίσης ἐγένοντο ἐκδρομαὶ εἰς τὸν Βόσπορον. Οἱ νέοι τῆς κοινότητος ὀργάνωσαν ἀθλητικοὺς ἀγῶνας. Ἡ ὁμάς τοῦ Πέρα ἐνίκησεν. Ὁ Σύλλογος τῶν ἀποφοίτων ὀργάνωσε χορευτικὴν ἑσπερίδα. Ἡ ἑσπερὶς ἐσημείωσε μεγάλην ἐπιτυχίαν. Ἐπίσης τὸ Ζάππειον Παρθεναγωγεῖον ἐώρτασε τὴν λῆξιν τοῦ σχολικοῦ ἔτους. Αἱ μαθήτριαι ἀπήγγειλαν ποιήματα καὶ ἐχόρευσαν ἑλληνικοὺς χορούς. Οἱ γονεῖς ἐξέφρασαν τὴν ἱκανοποίησίν των. Ἐπίσης ἐγένετο ἡ ἀπονομὴ βραβείων εἰς τοὺς ἀριστούχους μαθητάς. Ἐπίσης ἐπεσκέφθη τὴν Πόλιν ὁ Μητροπολίτης. Ἡ ἑλληνικὴ κοινότης τὸν ὑπεδέχθη μετὰ πάσης τιμῆς. Ὁ Μητροπολίτης ἐλειτούργησεν εἰς τὸν ναὸν τῆς Ἁγίας Τριάδος. Μετὰ τὴν λειτουργίαν ἐδέχθη τοὺς πιστούς. Ἐπίσης ἀνεχώρησεν διὰ τὴν Θεσσαλονίκην.
